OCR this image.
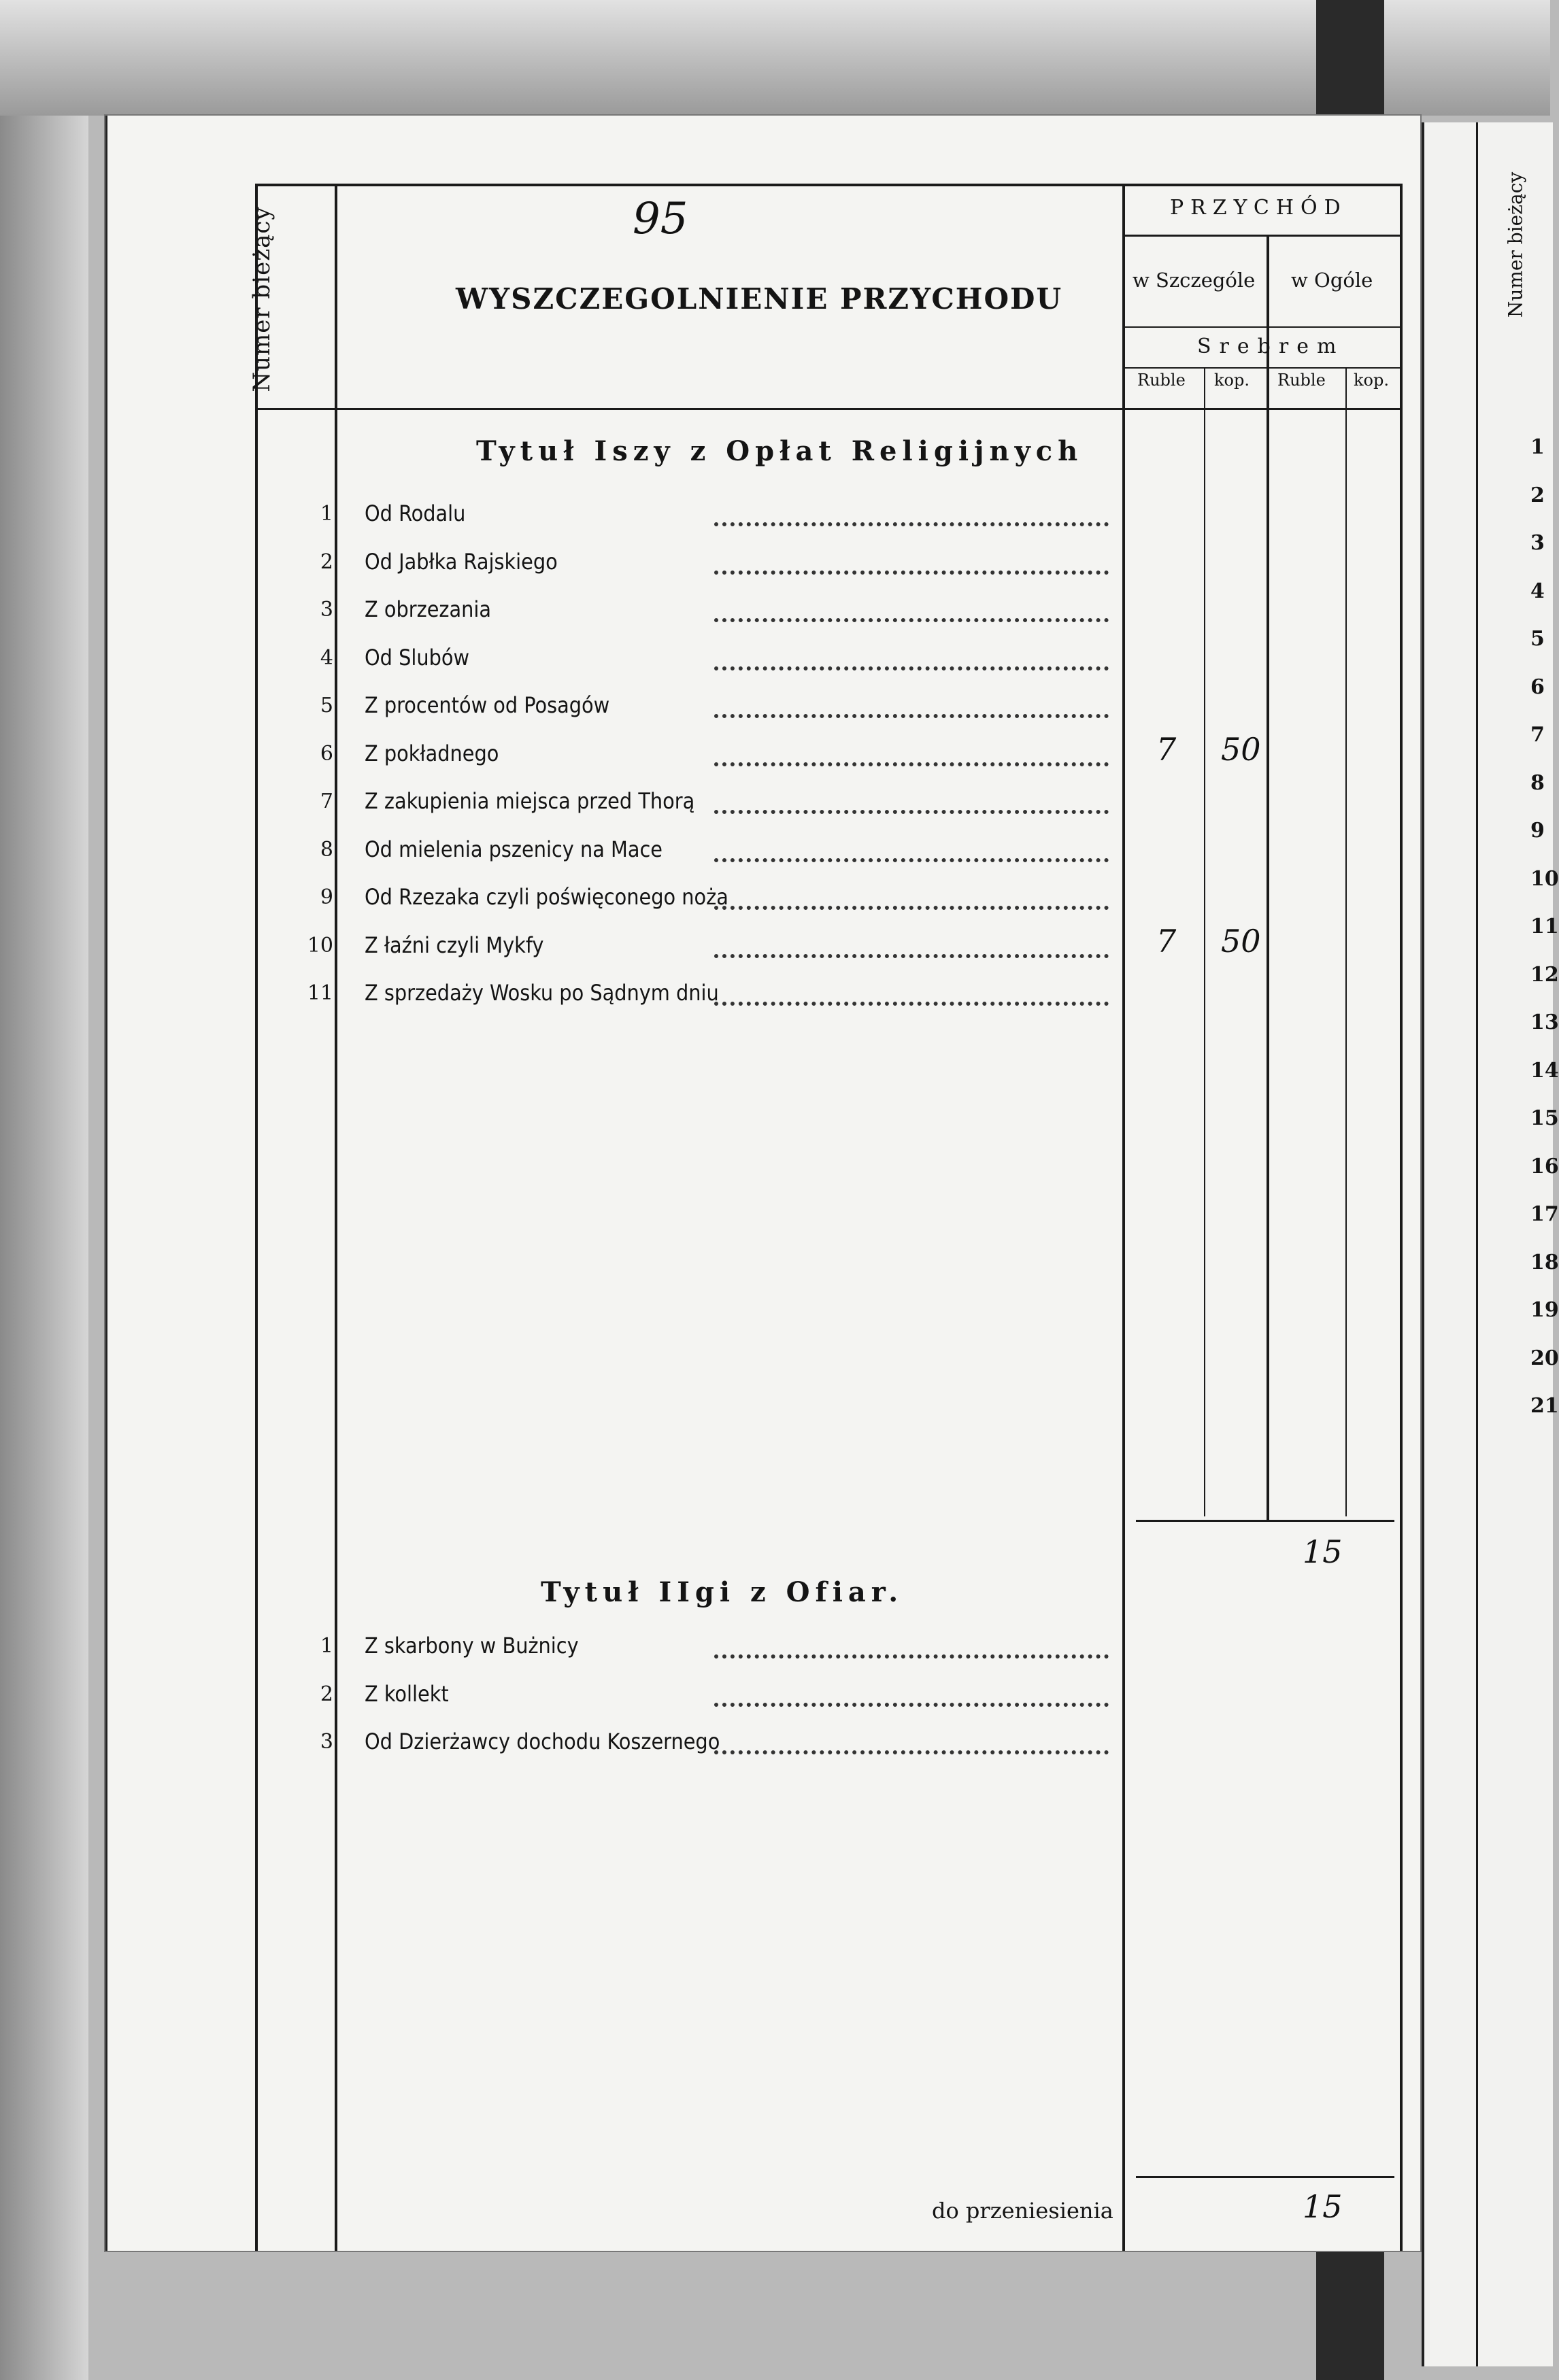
Numer bieżący	WYSZCZEGOLNIENIE PRZYCHODU
PRZYCHÓD
w Szczególe w Ogóle
Srebrem
Ruble kop. Ruble kop.
95
Tytuł Iszy z Opłat Religijnych
1 Od Rodalu
2 Od Jabłka Rajskiego
3 Z obrzezania
4 Od Slubów
5 Z procentów od Posagów
6 Z pokładnego	7 50
7 Z zakupienia miejsca przed Thorą
8 Od mielenia pszenicy na Mace
9 Od Rzezaka czyli poświęconego noża
10 Z łaźni czyli Mykfy	7 50
11 Z sprzedaży Wosku po Sądnym dniu
15
Tytuł IIgi z Ofiar.
1 Z skarbony w Bużnicy
2 Z kollekt
3 Od Dzierżawcy dochodu Koszernego
do przeniesienia	15
Numer bieżący
1
2
3
4
5
6
7
8
9
10
11
12
13
14
15
16
17
18
19
20
21
